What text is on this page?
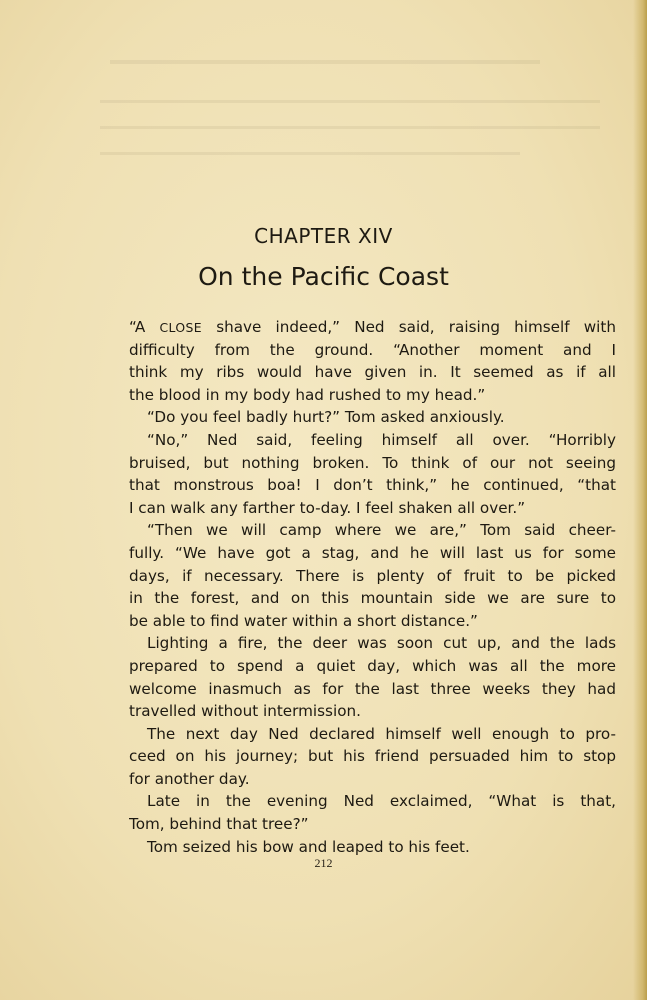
CHAPTER XIV
On the Pacific Coast
“A CLOSE shave indeed,” Ned said, raising himself with
difficulty from the ground. “Another moment and I
think my ribs would have given in. It seemed as if all
the blood in my body had rushed to my head.”
“Do you feel badly hurt?” Tom asked anxiously.
“No,” Ned said, feeling himself all over. “Horribly
bruised, but nothing broken. To think of our not seeing
that monstrous boa! I don’t think,” he continued, “that
I can walk any farther to-day. I feel shaken all over.”
“Then we will camp where we are,” Tom said cheer-
fully. “We have got a stag, and he will last us for some
days, if necessary. There is plenty of fruit to be picked
in the forest, and on this mountain side we are sure to
be able to find water within a short distance.”
Lighting a fire, the deer was soon cut up, and the lads
prepared to spend a quiet day, which was all the more
welcome inasmuch as for the last three weeks they had
travelled without intermission.
The next day Ned declared himself well enough to pro-
ceed on his journey; but his friend persuaded him to stop
for another day.
Late in the evening Ned exclaimed, “What is that,
Tom, behind that tree?”
Tom seized his bow and leaped to his feet.
212
